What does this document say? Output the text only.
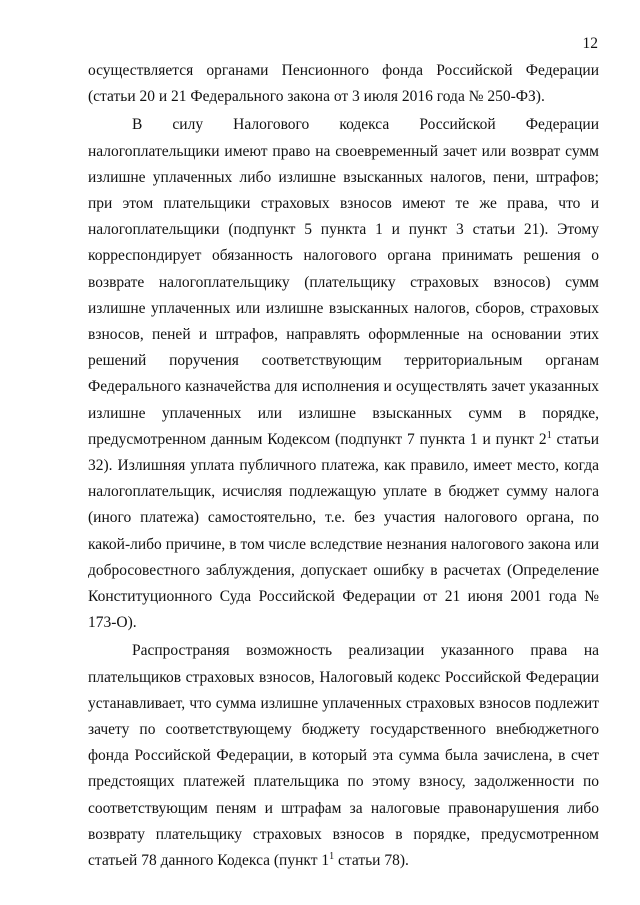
12

осуществляется органами Пенсионного фонда Российской Федерации (статьи 20 и 21 Федерального закона от 3 июля 2016 года № 250-ФЗ).

В силу Налогового кодекса Российской Федерации налогоплательщики имеют право на своевременный зачет или возврат сумм излишне уплаченных либо излишне взысканных налогов, пени, штрафов; при этом плательщики страховых взносов имеют те же права, что и налогоплательщики (подпункт 5 пункта 1 и пункт 3 статьи 21). Этому корреспондирует обязанность налогового органа принимать решения о возврате налогоплательщику (плательщику страховых взносов) сумм излишне уплаченных или излишне взысканных налогов, сборов, страховых взносов, пеней и штрафов, направлять оформленные на основании этих решений поручения соответствующим территориальным органам Федерального казначейства для исполнения и осуществлять зачет указанных излишне уплаченных или излишне взысканных сумм в порядке, предусмотренном данным Кодексом (подпункт 7 пункта 1 и пункт $2^1$ статьи 32). Излишняя уплата публичного платежа, как правило, имеет место, когда налогоплательщик, исчисляя подлежащую уплате в бюджет сумму налога (иного платежа) самостоятельно, т.е. без участия налогового органа, по какой-либо причине, в том числе вследствие незнания налогового закона или добросовестного заблуждения, допускает ошибку в расчетах (Определение Конституционного Суда Российской Федерации от 21 июня 2001 года № 173-О).

Распространяя возможность реализации указанного права на плательщиков страховых взносов, Налоговый кодекс Российской Федерации устанавливает, что сумма излишне уплаченных страховых взносов подлежит зачету по соответствующему бюджету государственного внебюджетного фонда Российской Федерации, в который эта сумма была зачислена, в счет предстоящих платежей плательщика по этому взносу, задолженности по соответствующим пеням и штрафам за налоговые правонарушения либо возврату плательщику страховых взносов в порядке, предусмотренном статьей 78 данного Кодекса (пункт $1^1$ статьи 78).
